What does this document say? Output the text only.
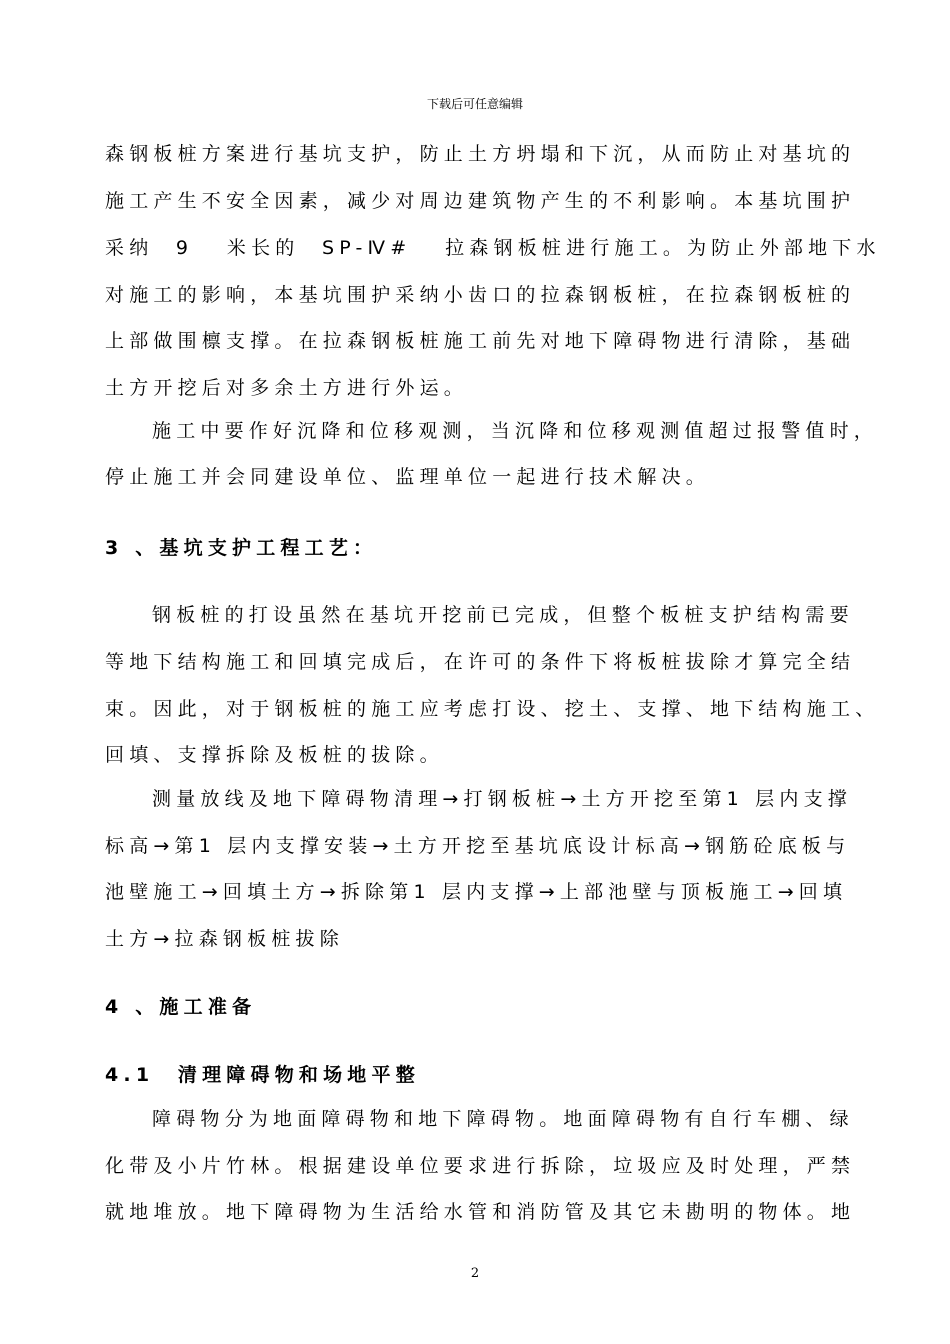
下载后可任意编辑
森钢板桩方案进行基坑支护，防止土方坍塌和下沉，从而防止对基坑的
施工产生不安全因素，减少对周边建筑物产生的不利影响。本基坑围护
采纳  9   米长的  SP-Ⅳ#   拉森钢板桩进行施工。为防止外部地下水
对施工的影响，本基坑围护采纳小齿口的拉森钢板桩，在拉森钢板桩的
上部做围檩支撑。在拉森钢板桩施工前先对地下障碍物进行清除，基础
土方开挖后对多余土方进行外运。
施工中要作好沉降和位移观测，当沉降和位移观测值超过报警值时，
停止施工并会同建设单位、监理单位一起进行技术解决。
3 、基坑支护工程工艺：
钢板桩的打设虽然在基坑开挖前已完成，但整个板桩支护结构需要
等地下结构施工和回填完成后，在许可的条件下将板桩拔除才算完全结
束。因此，对于钢板桩的施工应考虑打设、挖土、支撑、地下结构施工、
回填、支撑拆除及板桩的拔除。
测量放线及地下障碍物清理→打钢板桩→土方开挖至第1 层内支撑
标高→第1 层内支撑安装→土方开挖至基坑底设计标高→钢筋砼底板与
池壁施工→回填土方→拆除第1 层内支撑→上部池壁与顶板施工→回填
土方→拉森钢板桩拔除
4 、施工准备
4.1  清理障碍物和场地平整
障碍物分为地面障碍物和地下障碍物。地面障碍物有自行车棚、绿
化带及小片竹林。根据建设单位要求进行拆除，垃圾应及时处理，严禁
就地堆放。地下障碍物为生活给水管和消防管及其它未勘明的物体。地
2
